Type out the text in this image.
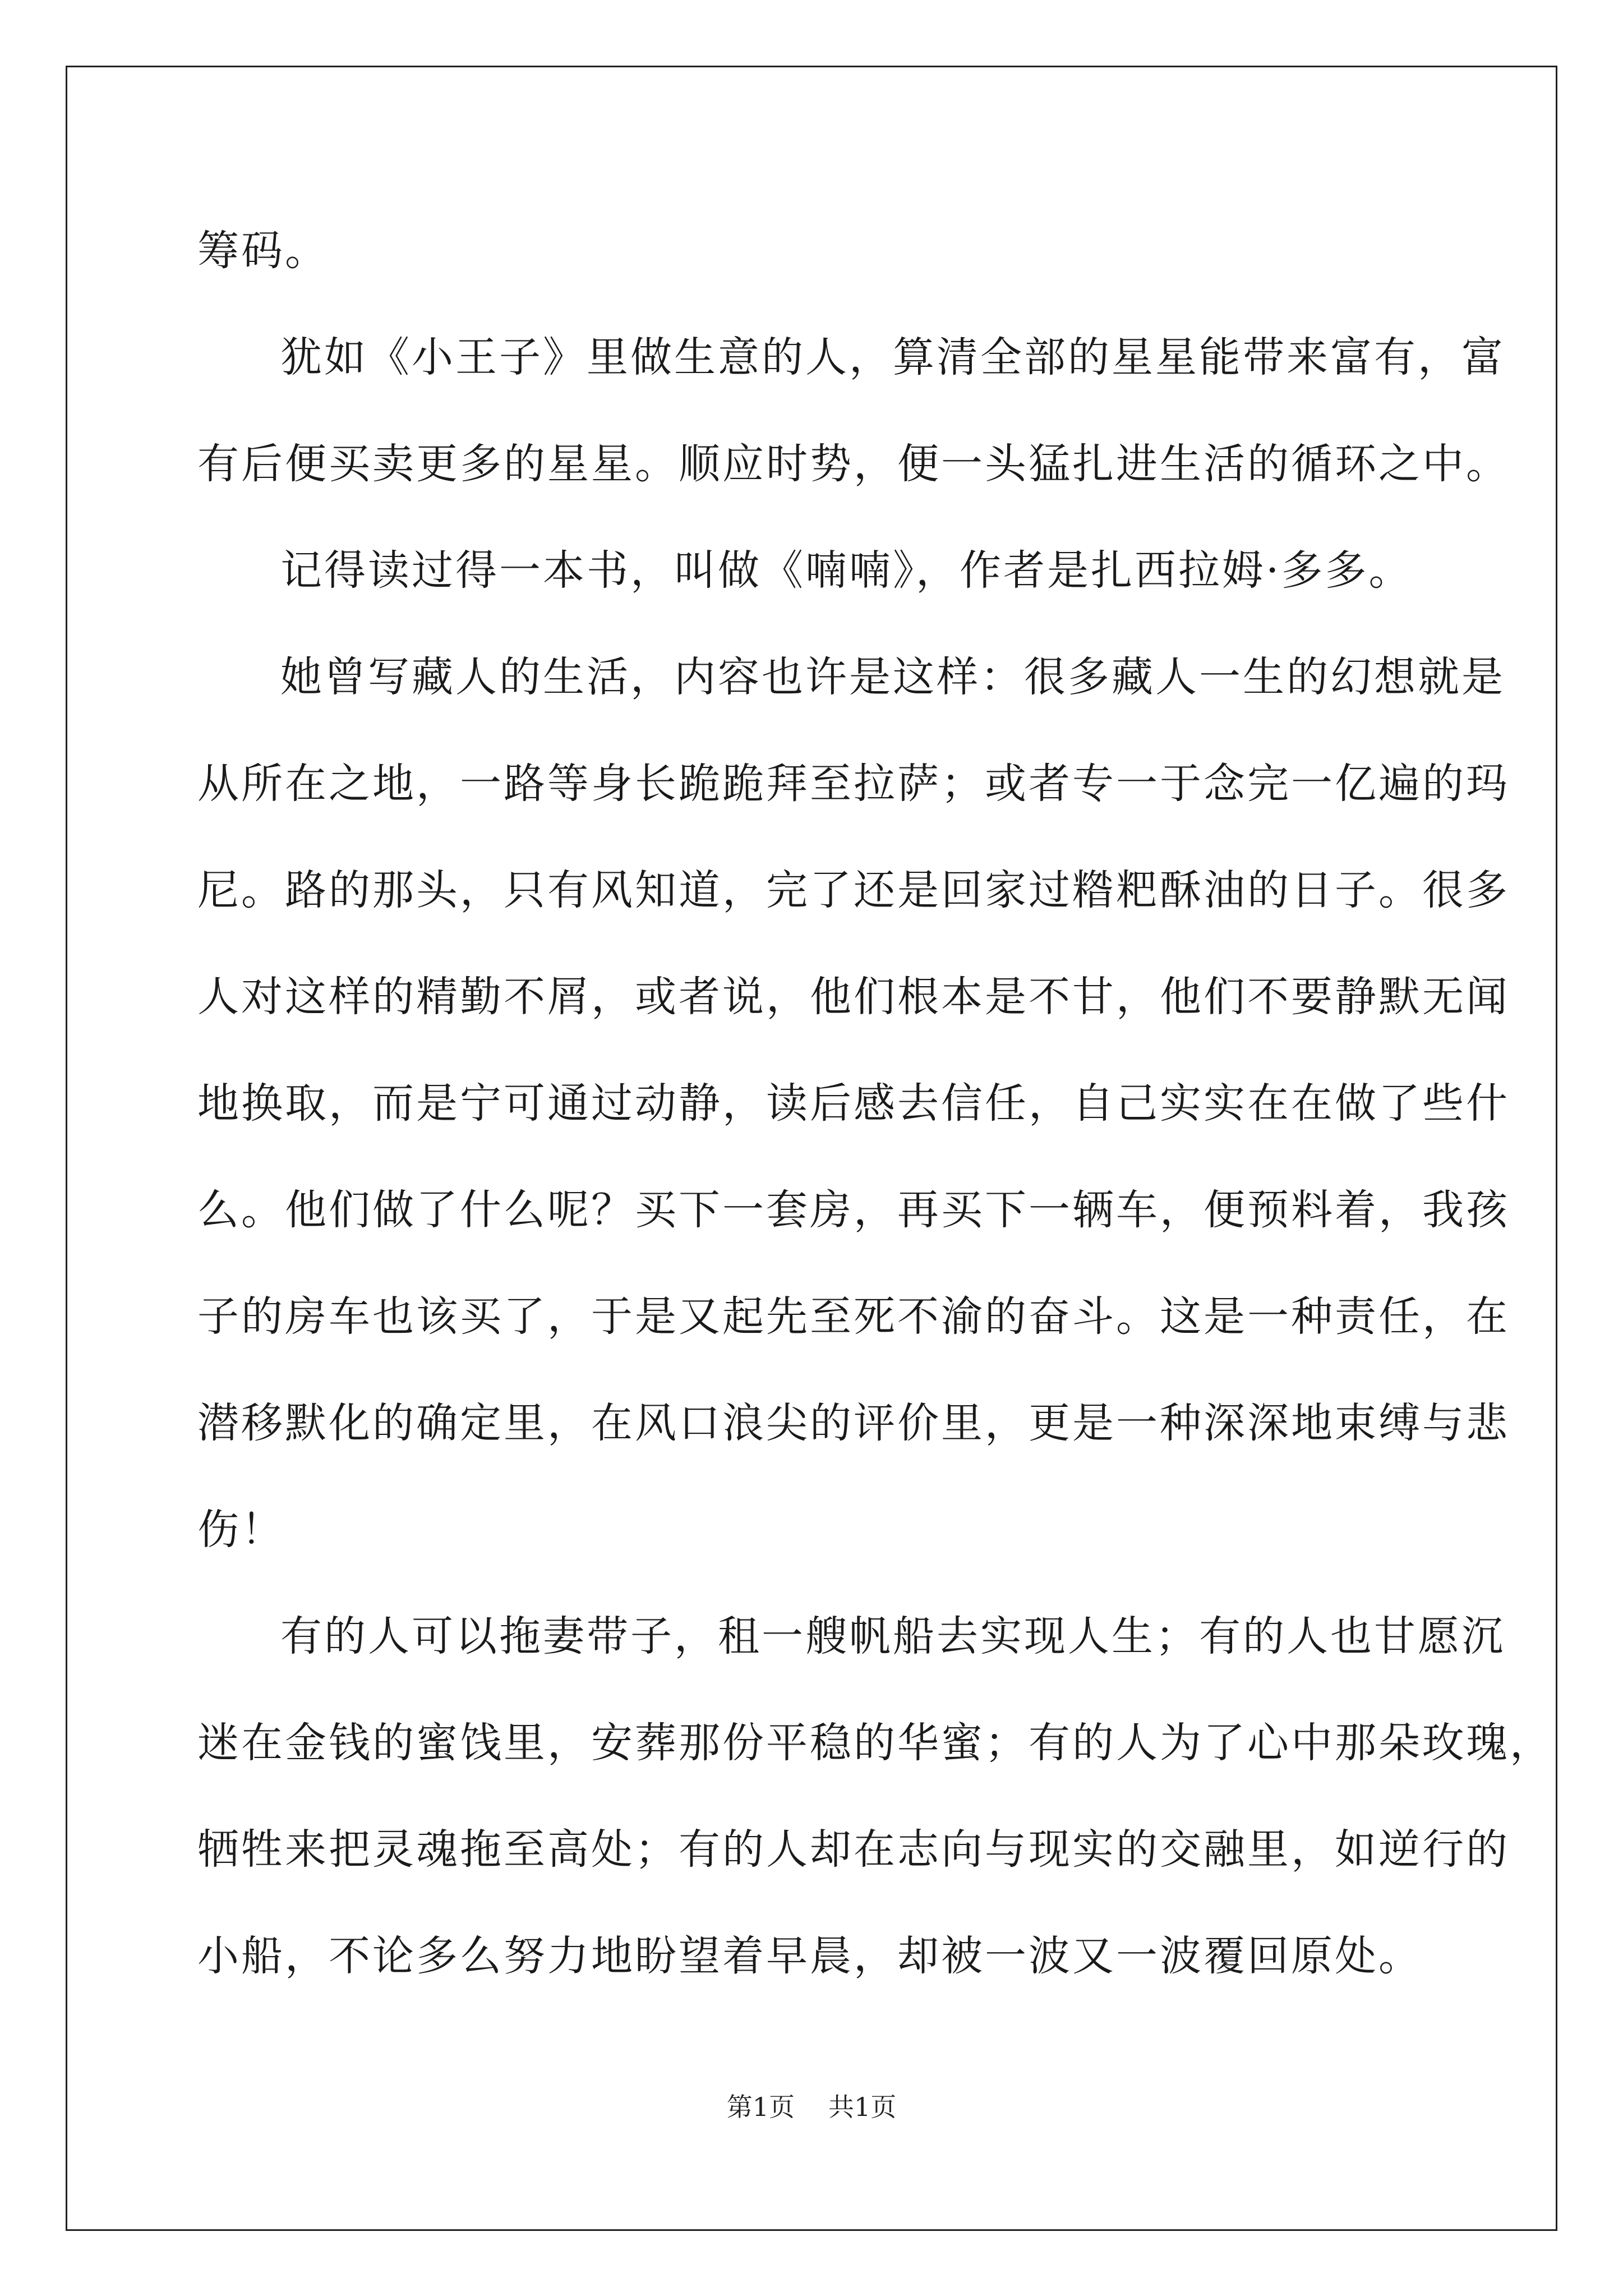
筹码。
犹如《小王子》里做生意的人，算清全部的星星能带来富有，富
有后便买卖更多的星星。顺应时势，便一头猛扎进生活的循环之中。
记得读过得一本书，叫做《喃喃》，作者是扎西拉姆·多多。
她曾写藏人的生活，内容也许是这样：很多藏人一生的幻想就是
从所在之地，一路等身长跪跪拜至拉萨；或者专一于念完一亿遍的玛
尼。路的那头，只有风知道，完了还是回家过糌粑酥油的日子。很多
人对这样的精勤不屑，或者说，他们根本是不甘，他们不要静默无闻
地换取，而是宁可通过动静，读后感去信任，自己实实在在做了些什
么。他们做了什么呢？买下一套房，再买下一辆车，便预料着，我孩
子的房车也该买了，于是又起先至死不渝的奋斗。这是一种责任，在
潜移默化的确定里，在风口浪尖的评价里，更是一种深深地束缚与悲
伤！
有的人可以拖妻带子，租一艘帆船去实现人生；有的人也甘愿沉
迷在金钱的蜜饯里，安葬那份平稳的华蜜；有的人为了心中那朵玫瑰，
牺牲来把灵魂拖至高处；有的人却在志向与现实的交融里，如逆行的
小船，不论多么努力地盼望着早晨，却被一波又一波覆回原处。
第1页 共1页
